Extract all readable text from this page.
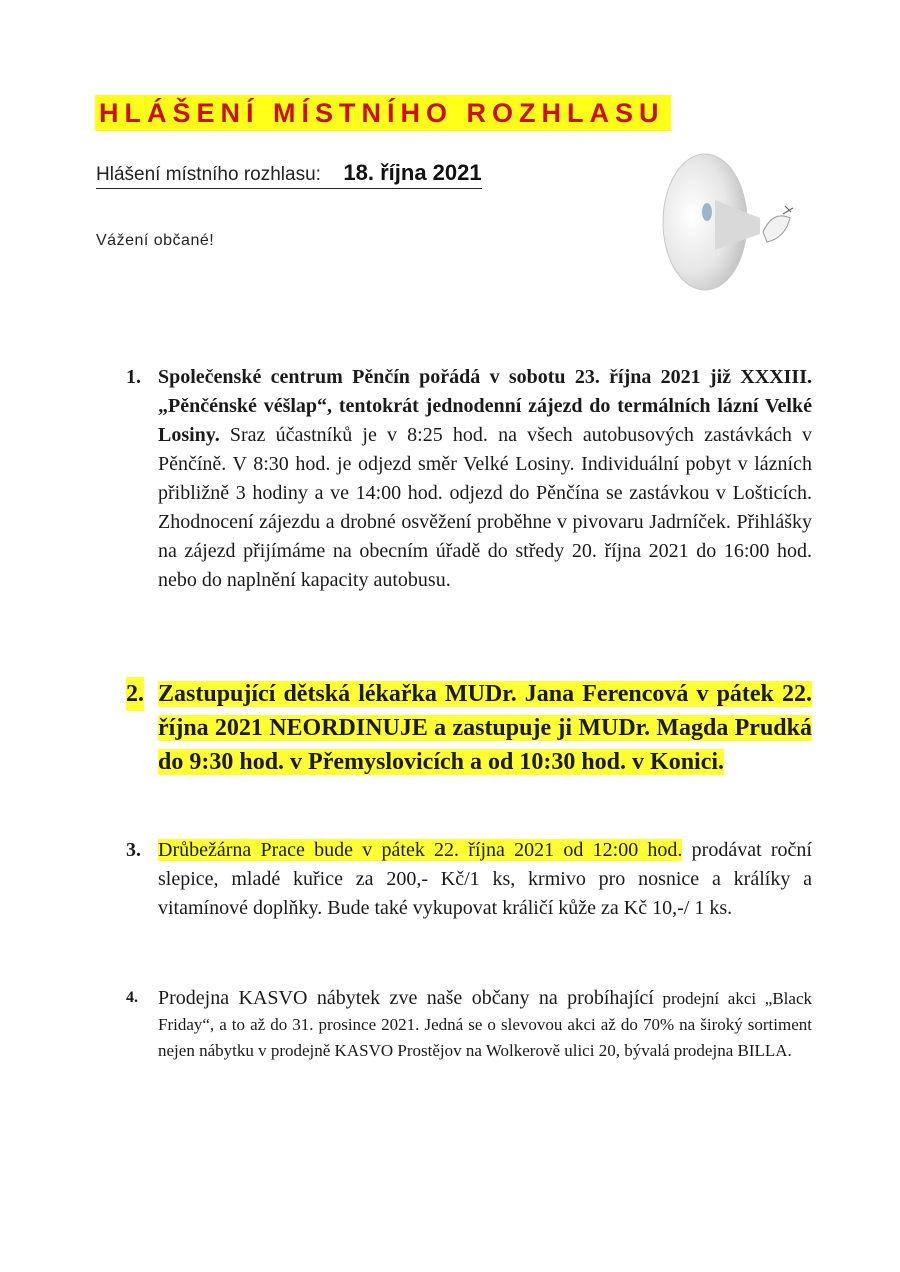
HLÁŠENÍ MÍSTNÍHO ROZHLASU
Hlášení místního rozhlasu: 18. října 2021
Vážení občané!
1. Společenské centrum Pěnčín pořádá v sobotu 23. října 2021 již XXXIII. „Pěnčénské véšlap“, tentokrát jednodenní zájezd do termálních lázní Velké Losiny. Sraz účastníků je v 8:25 hod. na všech autobusových zastávkách v Pěnčíně. V 8:30 hod. je odjezd směr Velké Losiny. Individuální pobyt v lázních přibližně 3 hodiny a ve 14:00 hod. odjezd do Pěnčína se zastávkou v Lošticích. Zhodnocení zájezdu a drobné osvěžení proběhne v pivovaru Jadrníček. Přihlášky na zájezd přijímáme na obecním úřadě do středy 20. října 2021 do 16:00 hod. nebo do naplnění kapacity autobusu.
2. Zastupující dětská lékařka MUDr. Jana Ferencová v pátek 22. října 2021 NEORDINUJE a zastupuje ji MUDr. Magda Prudká do 9:30 hod. v Přemyslovicích a od 10:30 hod. v Konici.
3. Drůbežárna Prace bude v pátek 22. října 2021 od 12:00 hod. prodávat roční slepice, mladé kuřice za 200,- Kč/1 ks, krmivo pro nosnice a králíky a vitamínové doplňky. Bude také vykupovat králičí kůže za Kč 10,-/ 1 ks.
4. Prodejna KASVO nábytek zve naše občany na probíhající prodejní akci „Black Friday“, a to až do 31. prosince 2021. Jedná se o slevovou akci až do 70% na široký sortiment nejen nábytku v prodejně KASVO Prostějov na Wolkerově ulici 20, bývalá prodejna BILLA.
